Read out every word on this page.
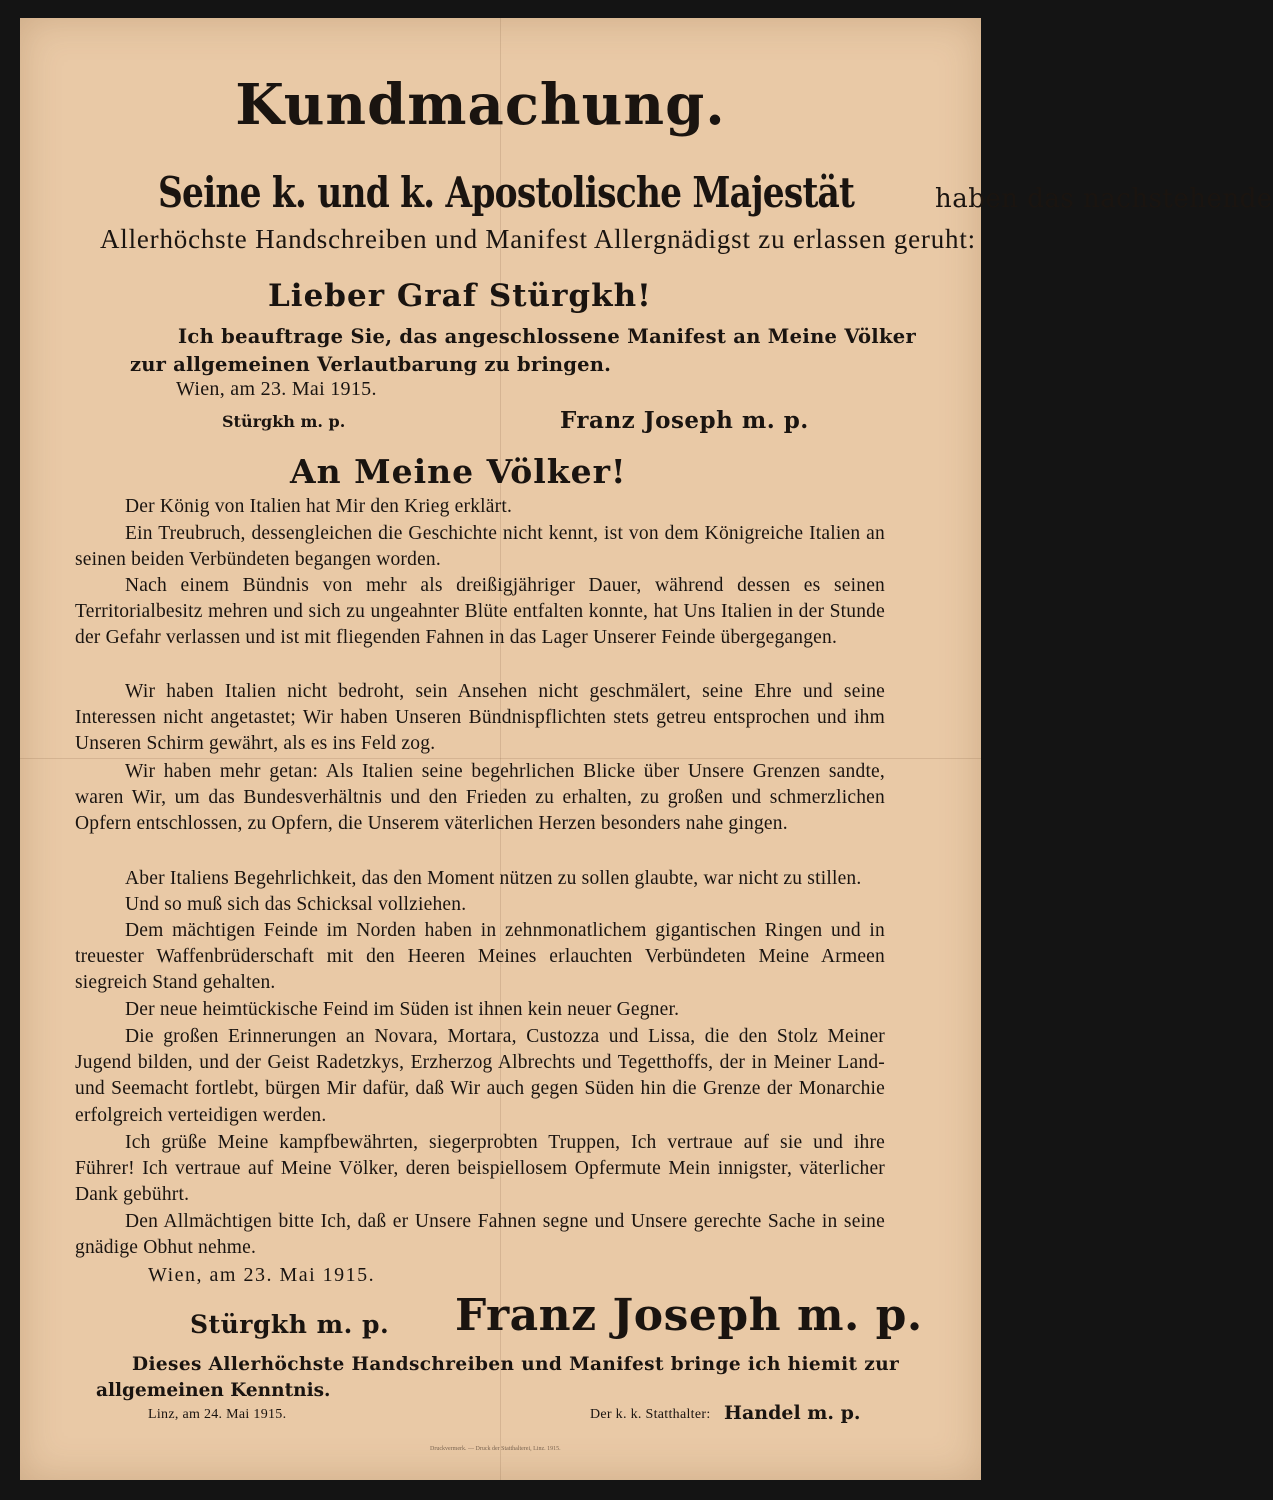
Kundmachung.
Seine k. und k. Apostolische Majestät	haben das nachstehende
Allerhöchste Handschreiben und Manifest Allergnädigst zu erlassen geruht:
Lieber Graf Stürgkh!
Ich beauftrage Sie, das angeschlossene Manifest an Meine Völker
zur allgemeinen Verlautbarung zu bringen.
Wien, am 23. Mai 1915.
Stürgkh m. p.	Franz Joseph m. p.
An Meine Völker!
Der König von Italien hat Mir den Krieg erklärt.
Ein Treubruch, dessengleichen die Geschichte nicht kennt, ist von dem Königreiche Italien an seinen beiden Verbündeten begangen worden.
Nach einem Bündnis von mehr als dreißigjähriger Dauer, während dessen es seinen Territorialbesitz mehren und sich zu ungeahnter Blüte entfalten konnte, hat Uns Italien in der Stunde der Gefahr verlassen und ist mit fliegenden Fahnen in das Lager Unserer Feinde übergegangen.
Wir haben Italien nicht bedroht, sein Ansehen nicht geschmälert, seine Ehre und seine Interessen nicht angetastet; Wir haben Unseren Bündnispflichten stets getreu entsprochen und ihm Unseren Schirm gewährt, als es ins Feld zog.
Wir haben mehr getan: Als Italien seine begehrlichen Blicke über Unsere Grenzen sandte, waren Wir, um das Bundesverhältnis und den Frieden zu erhalten, zu großen und schmerzlichen Opfern entschlossen, zu Opfern, die Unserem väterlichen Herzen besonders nahe gingen.
Aber Italiens Begehrlichkeit, das den Moment nützen zu sollen glaubte, war nicht zu stillen.
Und so muß sich das Schicksal vollziehen.
Dem mächtigen Feinde im Norden haben in zehnmonatlichem gigantischen Ringen und in treuester Waffenbrüderschaft mit den Heeren Meines erlauchten Verbündeten Meine Armeen siegreich Stand gehalten.
Der neue heimtückische Feind im Süden ist ihnen kein neuer Gegner.
Die großen Erinnerungen an Novara, Mortara, Custozza und Lissa, die den Stolz Meiner Jugend bilden, und der Geist Radetzkys, Erzherzog Albrechts und Tegetthoffs, der in Meiner Land- und Seemacht fortlebt, bürgen Mir dafür, daß Wir auch gegen Süden hin die Grenze der Monarchie erfolgreich verteidigen werden.
Ich grüße Meine kampfbewährten, siegerprobten Truppen, Ich vertraue auf sie und ihre Führer! Ich vertraue auf Meine Völker, deren beispiellosem Opfermute Mein innigster, väterlicher Dank gebührt.
Den Allmächtigen bitte Ich, daß er Unsere Fahnen segne und Unsere gerechte Sache in seine gnädige Obhut nehme.
Wien, am 23. Mai 1915.
Stürgkh m. p. Franz Joseph m. p.
Dieses Allerhöchste Handschreiben und Manifest bringe ich hiemit zur
allgemeinen Kenntnis.
Linz, am 24. Mai 1915.	Der k. k. Statthalter: Handel m. p.
Druckvermerk. — Druck der Statthalterei, Linz. 1915.
